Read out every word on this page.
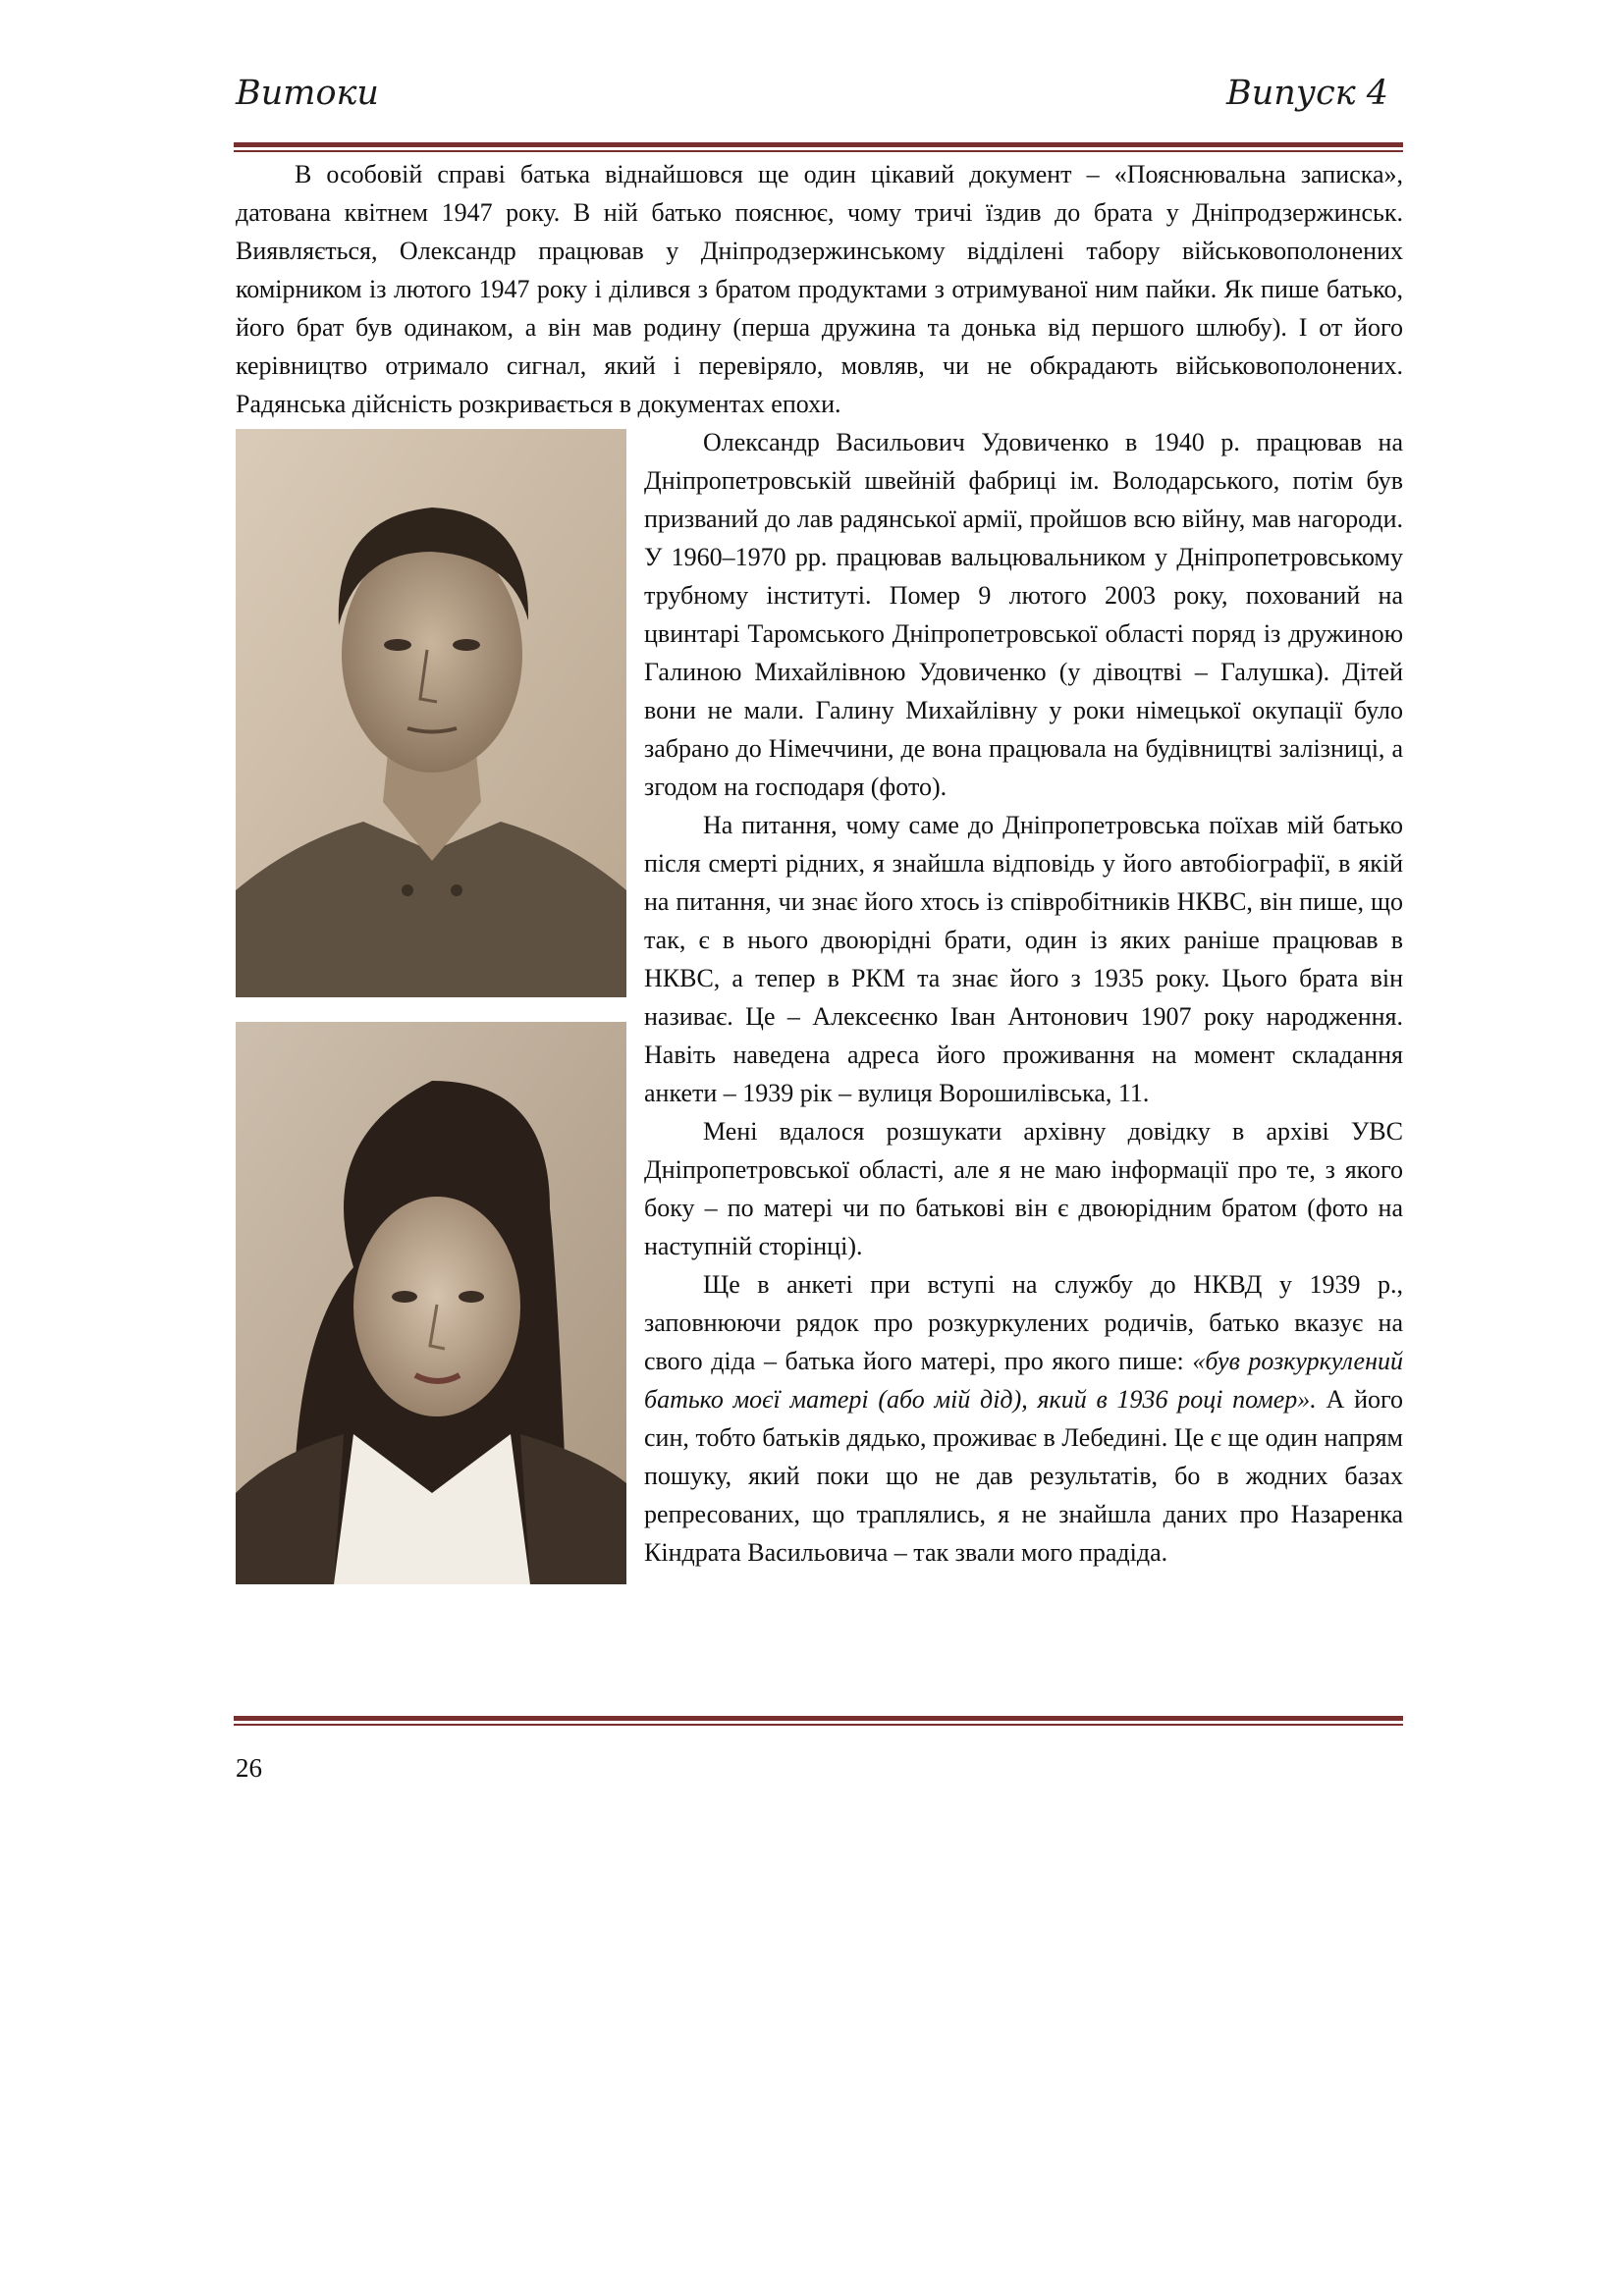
Витоки	Випуск 4

В особовій справі батька віднайшовся ще один цікавий документ – «Пояснювальна записка», датована квітнем 1947 року. В ній батько пояснює, чому тричі їздив до брата у Дніпродзержинськ. Виявляється, Олександр працював у Дніпродзержинському відділені табору військовополонених комірником із лютого 1947 року і ділився з братом продуктами з отримуваної ним пайки. Як пише батько, його брат був одинаком, а він мав родину (перша дружина та донька від першого шлюбу). І от його керівництво отримало сигнал, який і перевіряло, мовляв, чи не обкрадають військовополонених. Радянська дійсність розкривається в документах епохи.

Олександр Васильович Удовиченко в 1940 р. працював на Дніпропетровській швейній фабриці ім. Володарського, потім був призваний до лав радянської армії, пройшов всю війну, мав нагороди. У 1960–1970 рр. працював вальцювальником у Дніпропетровському трубному інституті. Помер 9 лютого 2003 року, похований на цвинтарі Таромського Дніпропетровської області поряд із дружиною Галиною Михайлівною Удовиченко (у дівоцтві – Галушка). Дітей вони не мали. Галину Михайлівну у роки німецької окупації було забрано до Німеччини, де вона працювала на будівництві залізниці, а згодом на господаря (фото).

На питання, чому саме до Дніпропетровська поїхав мій батько після смерті рідних, я знайшла відповідь у його автобіографії, в якій на питання, чи знає його хтось із співробітників НКВС, він пише, що так, є в нього двоюрідні брати, один із яких раніше працював в НКВС, а тепер в РКМ та знає його з 1935 року. Цього брата він називає. Це – Алексеєнко Іван Антонович 1907 року народження. Навіть наведена адреса його проживання на момент складання анкети – 1939 рік – вулиця Ворошилівська, 11.

Мені вдалося розшукати архівну довідку в архіві УВС Дніпропетровської області, але я не маю інформації про те, з якого боку – по матері чи по батькові він є двоюрідним братом (фото на наступній сторінці).

Ще в анкеті при вступі на службу до НКВД у 1939 р., заповнюючи рядок про розкуркулених родичів, батько вказує на свого діда – батька його матері, про якого пише: «був розкуркулений батько моєї матері (або мій дід), який в 1936 році помер». А його син, тобто батьків дядько, проживає в Лебедині. Це є ще один напрям пошуку, який поки що не дав результатів, бо в жодних базах репресованих, що траплялись, я не знайшла даних про Назаренка Кіндрата Васильовича – так звали мого прадіда.

26
